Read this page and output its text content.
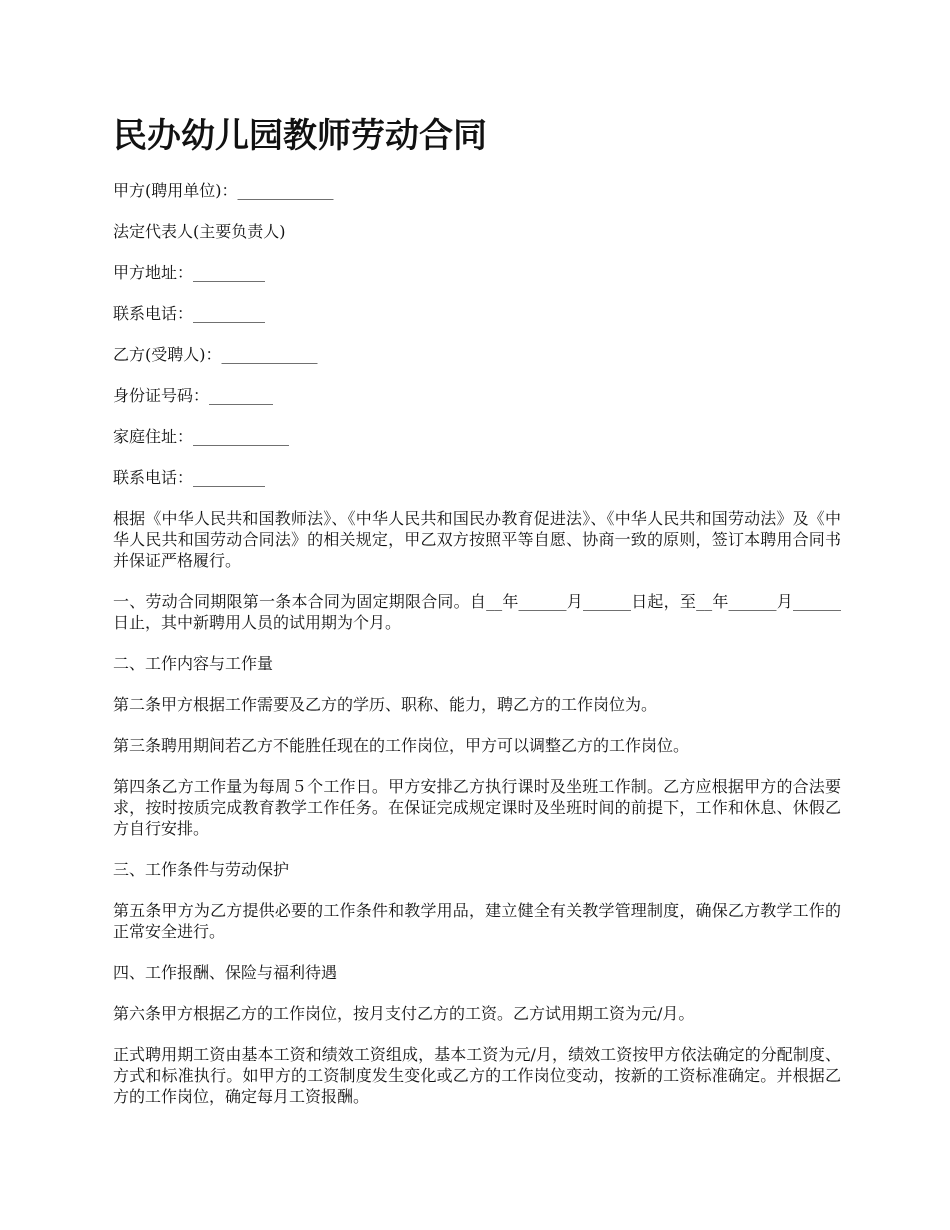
民办幼儿园教师劳动合同
甲方(聘用单位)：____________
法定代表人(主要负责人)
甲方地址：_________
联系电话：_________
乙方(受聘人)：____________
身份证号码：________
家庭住址：____________
联系电话：_________

根据《中华人民共和国教师法》、《中华人民共和国民办教育促进法》、《中华人民共和国劳动法》及《中华人民共和国劳动合同法》的相关规定，甲乙双方按照平等自愿、协商一致的原则，签订本聘用合同书并保证严格履行。

一、劳动合同期限第一条本合同为固定期限合同。自__年______月______日起，至__年______月______日止，其中新聘用人员的试用期为个月。

二、工作内容与工作量

第二条甲方根据工作需要及乙方的学历、职称、能力，聘乙方的工作岗位为。

第三条聘用期间若乙方不能胜任现在的工作岗位，甲方可以调整乙方的工作岗位。

第四条乙方工作量为每周５个工作日。甲方安排乙方执行课时及坐班工作制。乙方应根据甲方的合法要求，按时按质完成教育教学工作任务。在保证完成规定课时及坐班时间的前提下，工作和休息、休假乙方自行安排。

三、工作条件与劳动保护

第五条甲方为乙方提供必要的工作条件和教学用品，建立健全有关教学管理制度，确保乙方教学工作的正常安全进行。

四、工作报酬、保险与福利待遇

第六条甲方根据乙方的工作岗位，按月支付乙方的工资。乙方试用期工资为元/月。

正式聘用期工资由基本工资和绩效工资组成，基本工资为元/月，绩效工资按甲方依法确定的分配制度、方式和标准执行。如甲方的工资制度发生变化或乙方的工作岗位变动，按新的工资标准确定。并根据乙方的工作岗位，确定每月工资报酬。
